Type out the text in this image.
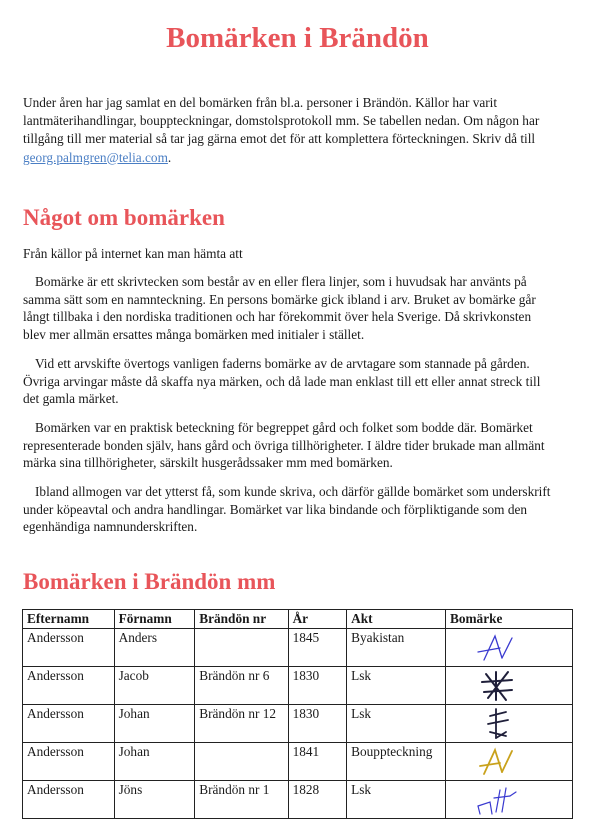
Bomärken i Brändön

Under åren har jag samlat en del bomärken från bl.a. personer i Brändön. Källor har varit lantmäterihandlingar, bouppteckningar, domstolsprotokoll mm. Se tabellen nedan. Om någon har tillgång till mer material så tar jag gärna emot det för att komplettera förteckningen. Skriv då till georg.palmgren@telia.com.

Något om bomärken

Från källor på internet kan man hämta att

Bomärke är ett skrivtecken som består av en eller flera linjer, som i huvudsak har använts på samma sätt som en namnteckning. En persons bomärke gick ibland i arv. Bruket av bomärke går långt tillbaka i den nordiska traditionen och har förekommit över hela Sverige. Då skrivkonsten blev mer allmän ersattes många bomärken med initialer i stället.

Vid ett arvskifte övertogs vanligen faderns bomärke av de arvtagare som stannade på gården. Övriga arvingar måste då skaffa nya märken, och då lade man enklast till ett eller annat streck till det gamla märket.

Bomärken var en praktisk beteckning för begreppet gård och folket som bodde där. Bomärket representerade bonden själv, hans gård och övriga tillhörigheter. I äldre tider brukade man allmänt märka sina tillhörigheter, särskilt husgerådssaker mm med bomärken.

Ibland allmogen var det ytterst få, som kunde skriva, och därför gällde bomärket som underskrift under köpeavtal och andra handlingar. Bomärket var lika bindande och förpliktigande som den egenhändiga namnunderskriften.

Bomärken i Brändön mm
Efternamn	Förnamn	Brändön nr	År	Akt	Bomärke
Andersson	Anders		1845	Byakistan	

Andersson	Jacob	Brändön nr 6	1830	Lsk	

Andersson	Johan	Brändön nr 12	1830	Lsk	

Andersson	Johan		1841	Bouppteckning	

Andersson	Jöns	Brändön nr 1	1828	Lsk	
